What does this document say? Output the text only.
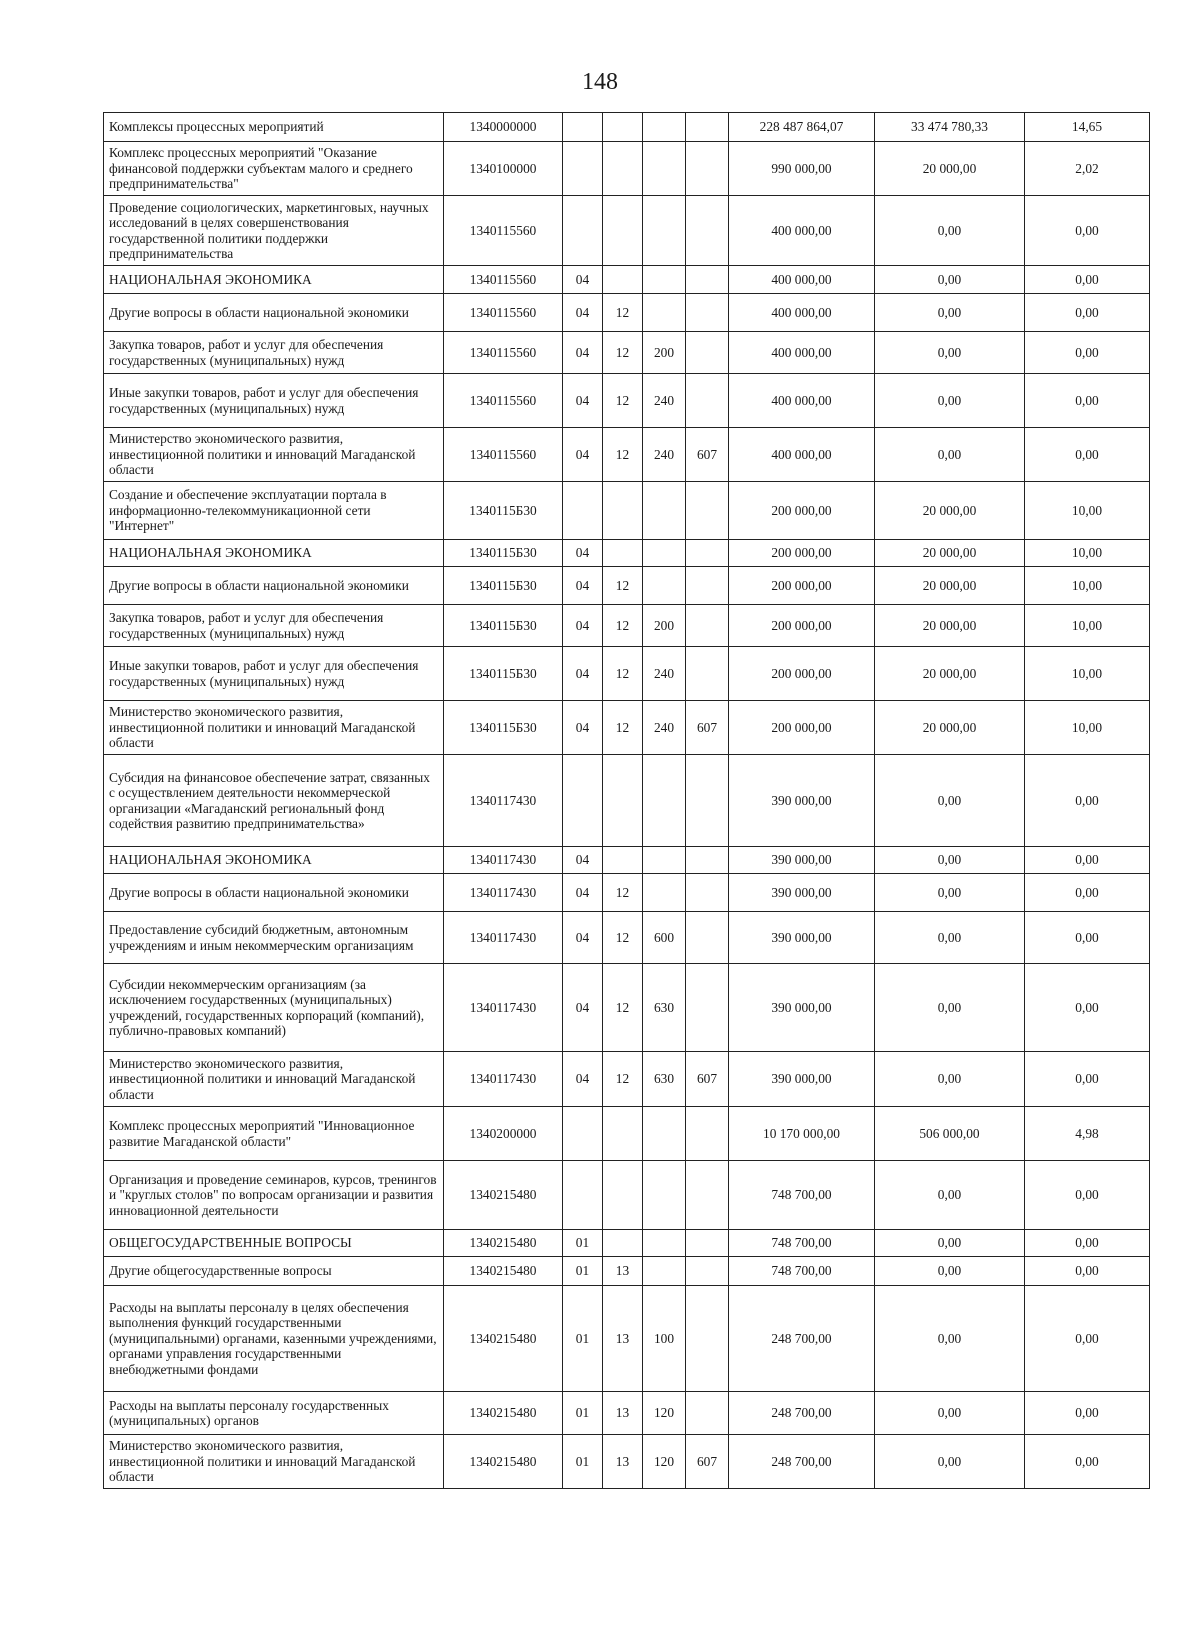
148
Комплексы процессных мероприятий	1340000000					228 487 864,07	33 474 780,33	14,65
Комплекс процессных мероприятий "Оказание финансовой поддержки субъектам малого и среднего предпринимательства"	1340100000					990 000,00	20 000,00	2,02
Проведение социологических, маркетинговых, научных исследований в целях совершенствования государственной политики поддержки предпринимательства	1340115560					400 000,00	0,00	0,00
НАЦИОНАЛЬНАЯ ЭКОНОМИКА	1340115560	04				400 000,00	0,00	0,00
Другие вопросы в области национальной экономики	1340115560	04	12			400 000,00	0,00	0,00
Закупка товаров, работ и услуг для обеспечения государственных (муниципальных) нужд	1340115560	04	12	200		400 000,00	0,00	0,00
Иные закупки товаров, работ и услуг для обеспечения государственных (муниципальных) нужд	1340115560	04	12	240		400 000,00	0,00	0,00
Министерство экономического развития, инвестиционной политики и инноваций Магаданской области	1340115560	04	12	240	607	400 000,00	0,00	0,00
Создание и обеспечение эксплуатации портала в информационно-телекоммуникационной сети "Интернет"	1340115Б30					200 000,00	20 000,00	10,00
НАЦИОНАЛЬНАЯ ЭКОНОМИКА	1340115Б30	04				200 000,00	20 000,00	10,00
Другие вопросы в области национальной экономики	1340115Б30	04	12			200 000,00	20 000,00	10,00
Закупка товаров, работ и услуг для обеспечения государственных (муниципальных) нужд	1340115Б30	04	12	200		200 000,00	20 000,00	10,00
Иные закупки товаров, работ и услуг для обеспечения государственных (муниципальных) нужд	1340115Б30	04	12	240		200 000,00	20 000,00	10,00
Министерство экономического развития, инвестиционной политики и инноваций Магаданской области	1340115Б30	04	12	240	607	200 000,00	20 000,00	10,00
Субсидия на финансовое обеспечение затрат, связанных с осуществлением деятельности некоммерческой организации «Магаданский региональный фонд содействия развитию предпринимательства»	1340117430					390 000,00	0,00	0,00
НАЦИОНАЛЬНАЯ ЭКОНОМИКА	1340117430	04				390 000,00	0,00	0,00
Другие вопросы в области национальной экономики	1340117430	04	12			390 000,00	0,00	0,00
Предоставление субсидий бюджетным, автономным учреждениям и иным некоммерческим организациям	1340117430	04	12	600		390 000,00	0,00	0,00
Субсидии некоммерческим организациям (за исключением государственных (муниципальных) учреждений, государственных корпораций (компаний), публично-правовых компаний)	1340117430	04	12	630		390 000,00	0,00	0,00
Министерство экономического развития, инвестиционной политики и инноваций Магаданской области	1340117430	04	12	630	607	390 000,00	0,00	0,00
Комплекс процессных мероприятий "Инновационное развитие Магаданской области"	1340200000					10 170 000,00	506 000,00	4,98
Организация и проведение семинаров, курсов, тренингов и "круглых столов" по вопросам организации и развития инновационной деятельности	1340215480					748 700,00	0,00	0,00
ОБЩЕГОСУДАРСТВЕННЫЕ ВОПРОСЫ	1340215480	01				748 700,00	0,00	0,00
Другие общегосударственные вопросы	1340215480	01	13			748 700,00	0,00	0,00
Расходы на выплаты персоналу в целях обеспечения выполнения функций государственными (муниципальными) органами, казенными учреждениями, органами управления государственными внебюджетными фондами	1340215480	01	13	100		248 700,00	0,00	0,00
Расходы на выплаты персоналу государственных (муниципальных) органов	1340215480	01	13	120		248 700,00	0,00	0,00
Министерство экономического развития, инвестиционной политики и инноваций Магаданской области	1340215480	01	13	120	607	248 700,00	0,00	0,00
